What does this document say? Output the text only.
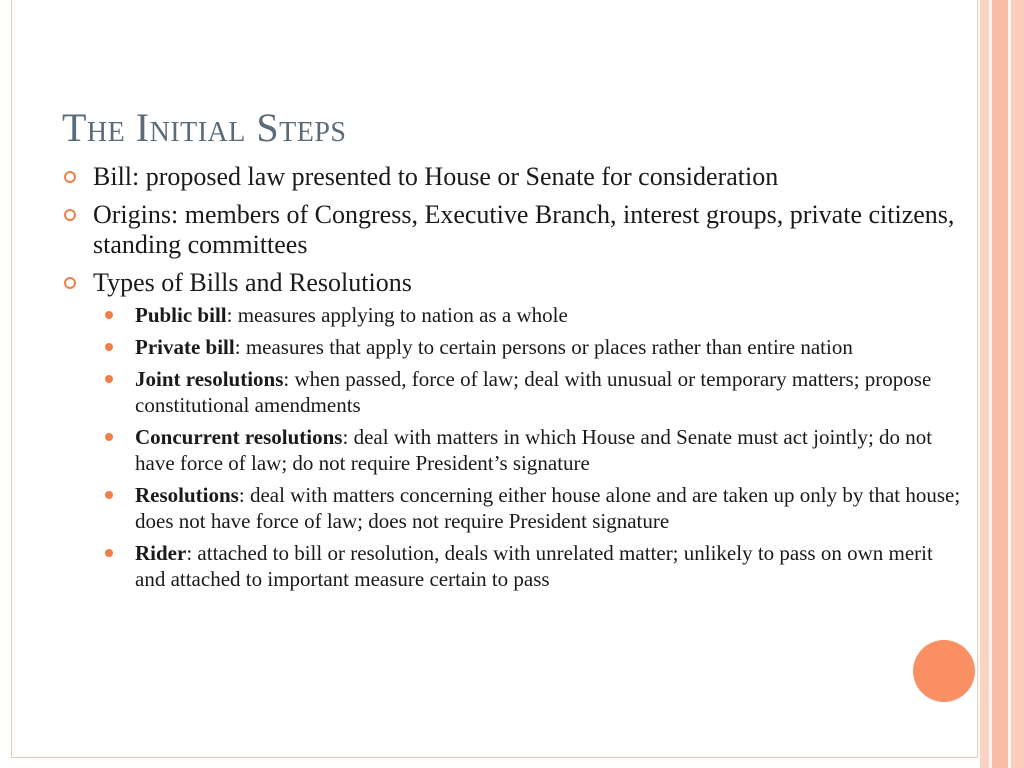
The Initial Steps
Bill: proposed law presented to House or Senate for consideration
Origins: members of Congress, Executive Branch, interest groups, private citizens, standing committees
Types of Bills and Resolutions
Public bill: measures applying to nation as a whole
Private bill: measures that apply to certain persons or places rather than entire nation
Joint resolutions: when passed, force of law; deal with unusual or temporary matters; propose constitutional amendments
Concurrent resolutions: deal with matters in which House and Senate must act jointly; do not have force of law; do not require President’s signature
Resolutions: deal with matters concerning either house alone and are taken up only by that house; does not have force of law; does not require President signature
Rider: attached to bill or resolution, deals with unrelated matter; unlikely to pass on own merit and attached to important measure certain to pass
